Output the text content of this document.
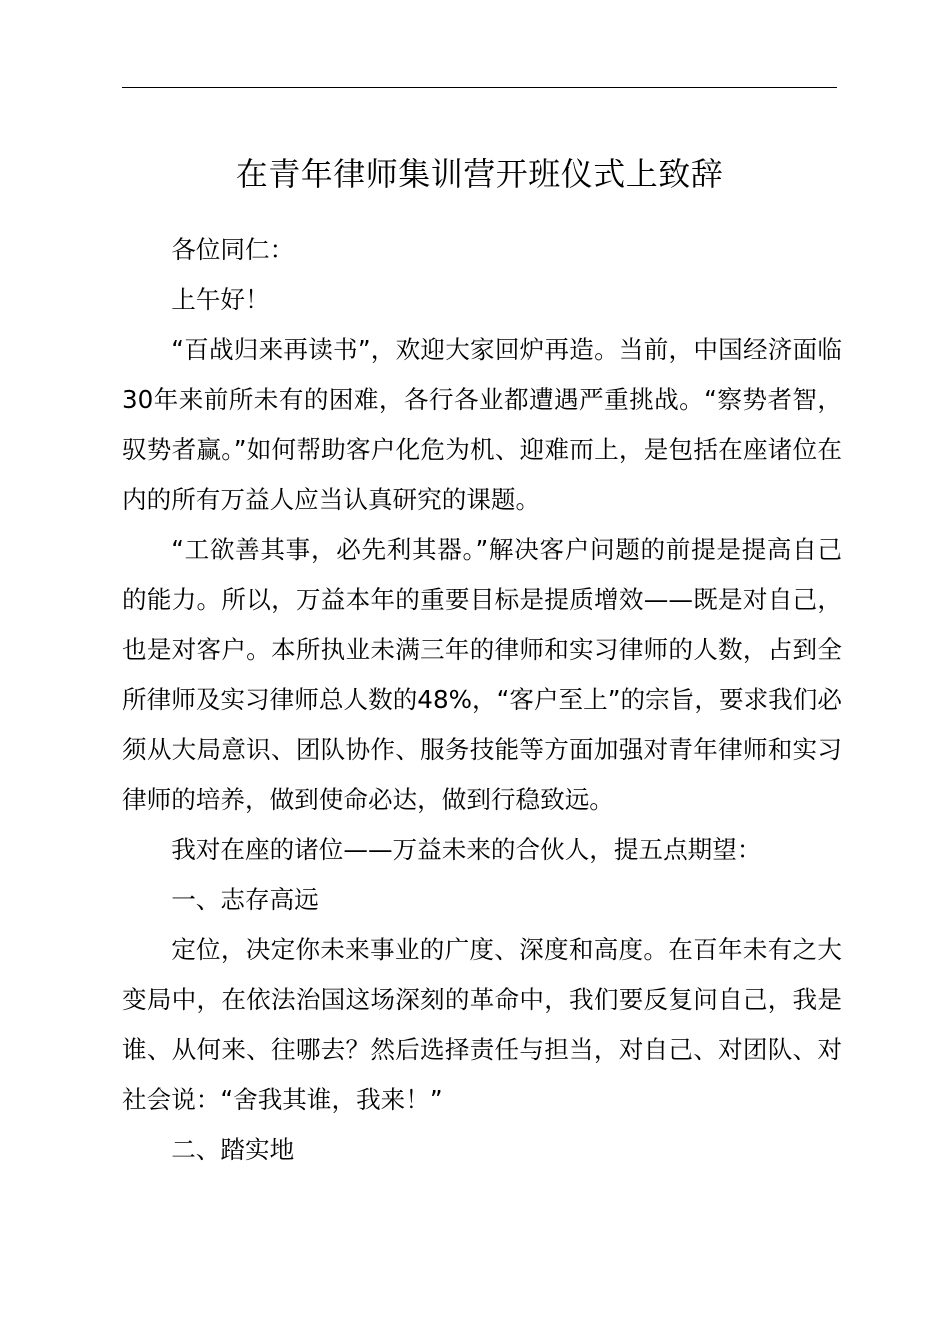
在青年律师集训营开班仪式上致辞

各位同仁：

上午好！

“百战归来再读书”，欢迎大家回炉再造。当前，中国经济面临30年来前所未有的困难，各行各业都遭遇严重挑战。“察势者智，驭势者赢。”如何帮助客户化危为机、迎难而上，是包括在座诸位在内的所有万益人应当认真研究的课题。

“工欲善其事，必先利其器。”解决客户问题的前提是提高自己的能力。所以，万益本年的重要目标是提质增效——既是对自己，也是对客户。本所执业未满三年的律师和实习律师的人数，占到全所律师及实习律师总人数的48%，“客户至上”的宗旨，要求我们必须从大局意识、团队协作、服务技能等方面加强对青年律师和实习律师的培养，做到使命必达，做到行稳致远。

我对在座的诸位——万益未来的合伙人，提五点期望：

一、志存高远

定位，决定你未来事业的广度、深度和高度。在百年未有之大变局中，在依法治国这场深刻的革命中，我们要反复问自己，我是谁、从何来、往哪去？然后选择责任与担当，对自己、对团队、对社会说：“舍我其谁，我来！”

二、踏实地
